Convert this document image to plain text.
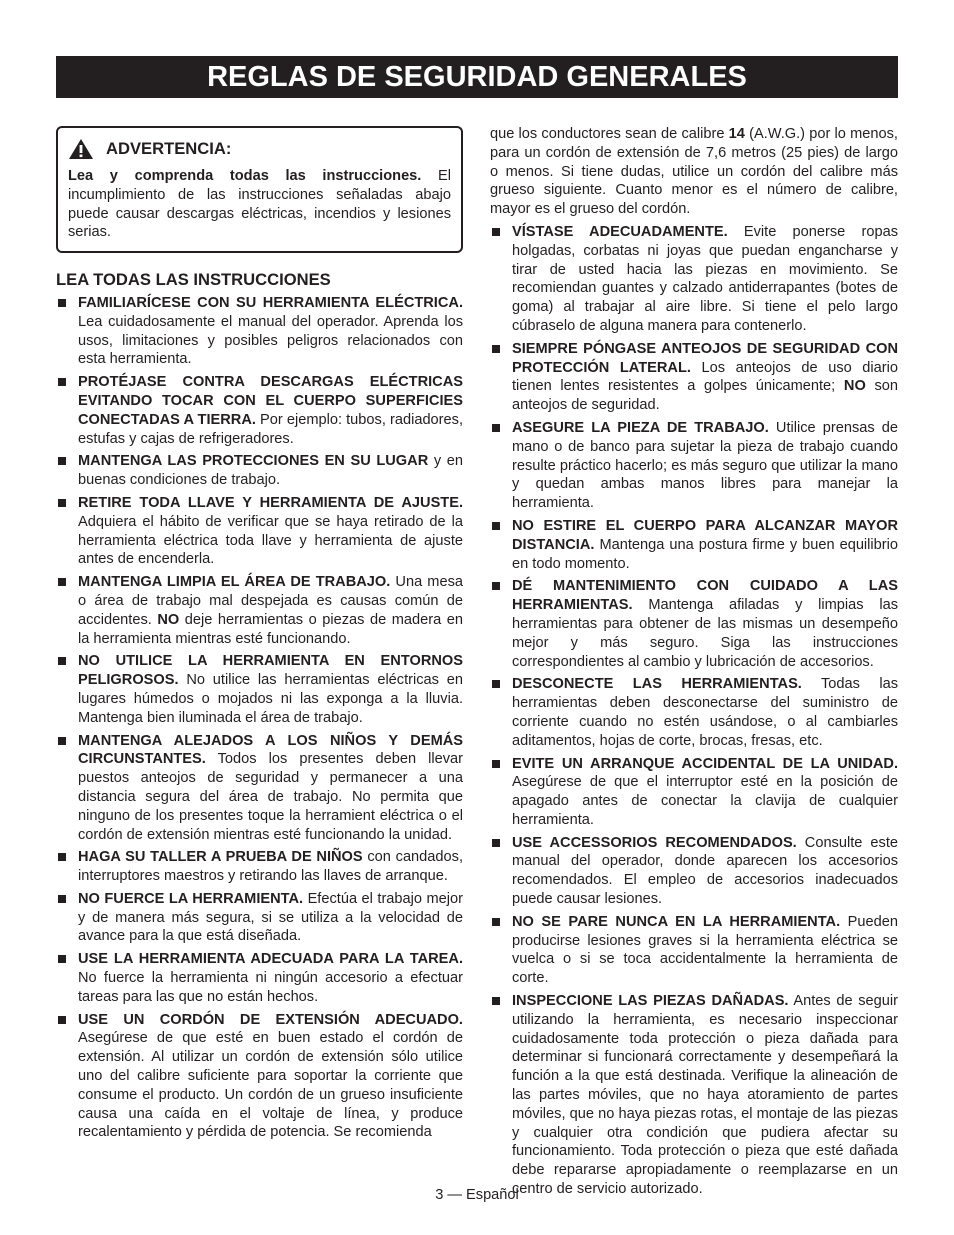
REGLAS DE SEGURIDAD GENERALES
ADVERTENCIA:
Lea y comprenda todas las instrucciones. El incumplimiento de las instrucciones señaladas abajo puede causar descargas eléctricas, incendios y lesiones serias.
LEA TODAS LAS INSTRUCCIONES
FAMILIARÍCESE CON SU HERRAMIENTA ELÉCTRICA. Lea cuidadosamente el manual del operador. Aprenda los usos, limitaciones y posibles peligros relacionados con esta herramienta.
PROTÉJASE CONTRA DESCARGAS ELÉCTRICAS EVITANDO TOCAR CON EL CUERPO SUPERFICIES CONECTADAS A TIERRA. Por ejemplo: tubos, radiadores, estufas y cajas de refrigeradores.
MANTENGA LAS PROTECCIONES EN SU LUGAR y en buenas condiciones de trabajo.
RETIRE TODA LLAVE Y HERRAMIENTA DE AJUSTE. Adquiera el hábito de verificar que se haya retirado de la herramienta eléctrica toda llave y herramienta de ajuste antes de encenderla.
MANTENGA LIMPIA EL ÁREA DE TRABAJO. Una mesa o área de trabajo mal despejada es causas común de accidentes. NO deje herramientas o piezas de madera en la herramienta mientras esté funcionando.
NO UTILICE LA HERRAMIENTA EN ENTORNOS PELIGROSOS. No utilice las herramientas eléctricas en lugares húmedos o mojados ni las exponga a la lluvia. Mantenga bien iluminada el área de trabajo.
MANTENGA ALEJADOS A LOS NIÑOS Y DEMÁS CIRCUNSTANTES. Todos los presentes deben llevar puestos anteojos de seguridad y permanecer a una distancia segura del área de trabajo. No permita que ninguno de los presentes toque la herramient eléctrica o el cordón de extensión mientras esté funcionando la unidad.
HAGA SU TALLER A PRUEBA DE NIÑOS con candados, interruptores maestros y retirando las llaves de arranque.
NO FUERCE LA HERRAMIENTA. Efectúa el trabajo mejor y de manera más segura, si se utiliza a la velocidad de avance para la que está diseñada.
USE LA HERRAMIENTA ADECUADA PARA LA TAREA. No fuerce la herramienta ni ningún accesorio a efectuar tareas para las que no están hechos.
USE UN CORDÓN DE EXTENSIÓN ADECUADO. Asegúrese de que esté en buen estado el cordón de extensión. Al utilizar un cordón de extensión sólo utilice uno del calibre suficiente para soportar la corriente que consume el producto. Un cordón de un grueso insuficiente causa una caída en el voltaje de línea, y produce recalentamiento y pérdida de potencia. Se recomienda
que los conductores sean de calibre 14 (A.W.G.) por lo menos, para un cordón de extensión de 7,6 metros (25 pies) de largo o menos. Si tiene dudas, utilice un cordón del calibre más grueso siguiente. Cuanto menor es el número de calibre, mayor es el grueso del cordón.
VÍSTASE ADECUADAMENTE. Evite ponerse ropas holgadas, corbatas ni joyas que puedan engancharse y tirar de usted hacia las piezas en movimiento. Se recomiendan guantes y calzado antiderrapantes (botes de goma) al trabajar al aire libre. Si tiene el pelo largo cúbraselo de alguna manera para contenerlo.
SIEMPRE PÓNGASE ANTEOJOS DE SEGURIDAD CON PROTECCIÓN LATERAL. Los anteojos de uso diario tienen lentes resistentes a golpes únicamente; NO son anteojos de seguridad.
ASEGURE LA PIEZA DE TRABAJO. Utilice prensas de mano o de banco para sujetar la pieza de trabajo cuando resulte práctico hacerlo; es más seguro que utilizar la mano y quedan ambas manos libres para manejar la herramienta.
NO ESTIRE EL CUERPO PARA ALCANZAR MAYOR DISTANCIA. Mantenga una postura firme y buen equilibrio en todo momento.
DÉ MANTENIMIENTO CON CUIDADO A LAS HERRAMIENTAS. Mantenga afiladas y limpias las herramientas para obtener de las mismas un desempeño mejor y más seguro. Siga las instrucciones correspondientes al cambio y lubricación de accesorios.
DESCONECTE LAS HERRAMIENTAS. Todas las herramientas deben desconectarse del suministro de corriente cuando no estén usándose, o al cambiarles aditamentos, hojas de corte, brocas, fresas, etc.
EVITE UN ARRANQUE ACCIDENTAL DE LA UNIDAD. Asegúrese de que el interruptor esté en la posición de apagado antes de conectar la clavija de cualquier herramienta.
USE ACCESSORIOS RECOMENDADOS. Consulte este manual del operador, donde aparecen los accesorios recomendados. El empleo de accesorios inadecuados puede causar lesiones.
NO SE PARE NUNCA EN LA HERRAMIENTA. Pueden producirse lesiones graves si la herramienta eléctrica se vuelca o si se toca accidentalmente la herramienta de corte.
INSPECCIONE LAS PIEZAS DAÑADAS. Antes de seguir utilizando la herramienta, es necesario inspeccionar cuidadosamente toda protección o pieza dañada para determinar si funcionará correctamente y desempeñará la función a la que está destinada. Verifique la alineación de las partes móviles, que no haya atoramiento de partes móviles, que no haya piezas rotas, el montaje de las piezas y cualquier otra condición que pudiera afectar su funcionamiento. Toda protección o pieza que esté dañada debe repararse apropiadamente o reemplazarse en un centro de servicio autorizado.
3 — Español
